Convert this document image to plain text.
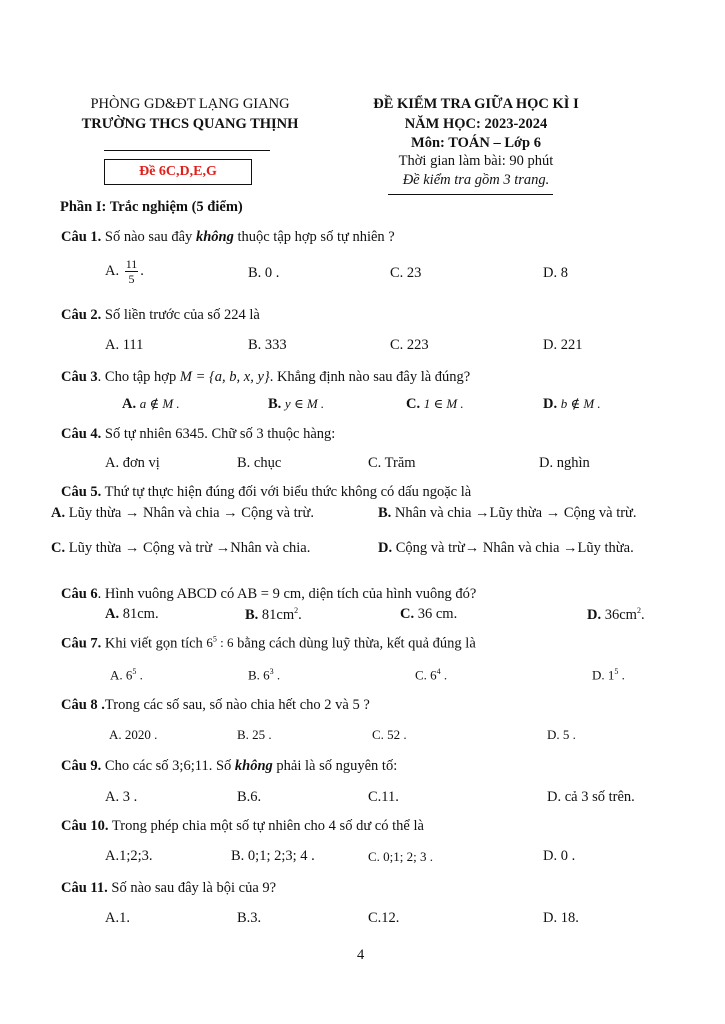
PHÒNG GD&ĐT LẠNG GIANG
TRƯỜNG THCS QUANG THỊNH
Đề 6C,D,E,G
ĐỀ KIỂM TRA GIỮA HỌC KÌ I
NĂM HỌC: 2023-2024
Môn: TOÁN – Lớp 6
Thời gian làm bài: 90 phút
Đề kiểm tra gồm 3 trang.
Phần I: Trắc nghiệm (5 điểm)
Câu 1. Số nào sau đây không thuộc tập hợp số tự nhiên ?
A. $\frac{11}{5}$ .	B. 0 .	C. 23	D. 8
Câu 2. Số liền trước của số 224 là
A. 111	B. 333	C. 223	D. 221
Câu 3. Cho tập hợp M = {a, b, x, y}. Khẳng định nào sau đây là đúng?
A. a ∉ M .	B. y ∈ M .	C. 1 ∈ M .	D. b ∉ M .
Câu 4. Số tự nhiên 6345. Chữ số 3 thuộc hàng:
A. đơn vị	B. chục	C. Trăm	D. nghìn
Câu 5. Thứ tự thực hiện đúng đối với biểu thức không có dấu ngoặc là
A. Lũy thừa → Nhân và chia → Cộng và trừ.	B. Nhân và chia →Lũy thừa → Cộng và trừ.
C. Lũy thừa → Cộng và trừ →Nhân và chia.	D. Cộng và trừ→ Nhân và chia →Lũy thừa.
Câu 6. Hình vuông ABCD có AB = 9 cm, diện tích của hình vuông đó?
A. 81cm.	B. $81cm^2$.	C. 36 cm.	D. $36cm^2$.
Câu 7. Khi viết gọn tích $6^5$ : 6 bằng cách dùng luỹ thừa, kết quả đúng là
A. $6^5$ .	B. $6^3$ .	C. $6^4$ .	D. $1^5$ .
Câu 8 .Trong các số sau, số nào chia hết cho 2 và 5 ?
A. 2020 .	B. 25 .	C. 52 .	D. 5 .
Câu 9. Cho các số 3;6;11. Số không phải là số nguyên tố:
A. 3 .	B.6.	C.11.	D. cả 3 số trên.
Câu 10. Trong phép chia một số tự nhiên cho 4 số dư có thể là
A.1;2;3.	B. 0;1; 2;3; 4 .	C. 0;1; 2; 3 .	D. 0 .
Câu 11. Số nào sau đây là bội của 9?
A.1.	B.3.	C.12.	D. 18.
4
